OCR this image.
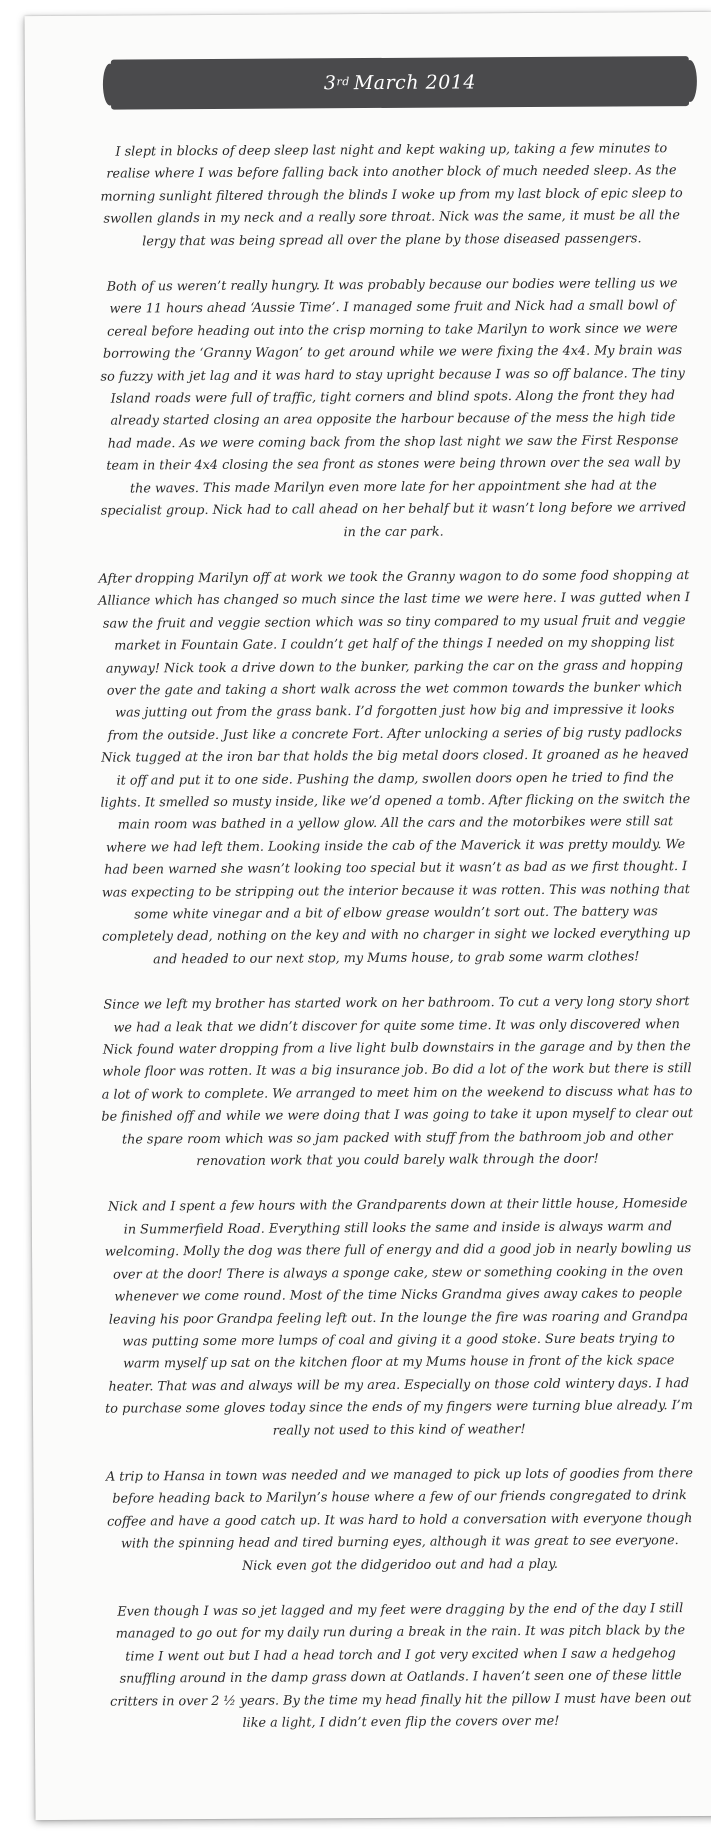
3rd March 2014

I slept in blocks of deep sleep last night and kept waking up, taking a few minutes to realise where I was before falling back into another block of much needed sleep. As the morning sunlight filtered through the blinds I woke up from my last block of epic sleep to swollen glands in my neck and a really sore throat. Nick was the same, it must be all the lergy that was being spread all over the plane by those diseased passengers.

Both of us weren’t really hungry. It was probably because our bodies were telling us we were 11 hours ahead ‘Aussie Time’. I managed some fruit and Nick had a small bowl of cereal before heading out into the crisp morning to take Marilyn to work since we were borrowing the ‘Granny Wagon’ to get around while we were fixing the 4x4. My brain was so fuzzy with jet lag and it was hard to stay upright because I was so off balance. The tiny Island roads were full of traffic, tight corners and blind spots. Along the front they had already started closing an area opposite the harbour because of the mess the high tide had made. As we were coming back from the shop last night we saw the First Response team in their 4x4 closing the sea front as stones were being thrown over the sea wall by the waves. This made Marilyn even more late for her appointment she had at the specialist group. Nick had to call ahead on her behalf but it wasn’t long before we arrived in the car park.

After dropping Marilyn off at work we took the Granny wagon to do some food shopping at Alliance which has changed so much since the last time we were here. I was gutted when I saw the fruit and veggie section which was so tiny compared to my usual fruit and veggie market in Fountain Gate. I couldn’t get half of the things I needed on my shopping list anyway! Nick took a drive down to the bunker, parking the car on the grass and hopping over the gate and taking a short walk across the wet common towards the bunker which was jutting out from the grass bank. I’d forgotten just how big and impressive it looks from the outside. Just like a concrete Fort. After unlocking a series of big rusty padlocks Nick tugged at the iron bar that holds the big metal doors closed. It groaned as he heaved it off and put it to one side. Pushing the damp, swollen doors open he tried to find the lights. It smelled so musty inside, like we’d opened a tomb. After flicking on the switch the main room was bathed in a yellow glow. All the cars and the motorbikes were still sat where we had left them. Looking inside the cab of the Maverick it was pretty mouldy. We had been warned she wasn’t looking too special but it wasn’t as bad as we first thought. I was expecting to be stripping out the interior because it was rotten. This was nothing that some white vinegar and a bit of elbow grease wouldn’t sort out. The battery was completely dead, nothing on the key and with no charger in sight we locked everything up and headed to our next stop, my Mums house, to grab some warm clothes!

Since we left my brother has started work on her bathroom. To cut a very long story short we had a leak that we didn’t discover for quite some time. It was only discovered when Nick found water dropping from a live light bulb downstairs in the garage and by then the whole floor was rotten. It was a big insurance job. Bo did a lot of the work but there is still a lot of work to complete. We arranged to meet him on the weekend to discuss what has to be finished off and while we were doing that I was going to take it upon myself to clear out the spare room which was so jam packed with stuff from the bathroom job and other renovation work that you could barely walk through the door!

Nick and I spent a few hours with the Grandparents down at their little house, Homeside in Summerfield Road. Everything still looks the same and inside is always warm and welcoming. Molly the dog was there full of energy and did a good job in nearly bowling us over at the door! There is always a sponge cake, stew or something cooking in the oven whenever we come round. Most of the time Nicks Grandma gives away cakes to people leaving his poor Grandpa feeling left out. In the lounge the fire was roaring and Grandpa was putting some more lumps of coal and giving it a good stoke. Sure beats trying to warm myself up sat on the kitchen floor at my Mums house in front of the kick space heater. That was and always will be my area. Especially on those cold wintery days. I had to purchase some gloves today since the ends of my fingers were turning blue already. I’m really not used to this kind of weather!

A trip to Hansa in town was needed and we managed to pick up lots of goodies from there before heading back to Marilyn’s house where a few of our friends congregated to drink coffee and have a good catch up. It was hard to hold a conversation with everyone though with the spinning head and tired burning eyes, although it was great to see everyone. Nick even got the didgeridoo out and had a play.

Even though I was so jet lagged and my feet were dragging by the end of the day I still managed to go out for my daily run during a break in the rain. It was pitch black by the time I went out but I had a head torch and I got very excited when I saw a hedgehog snuffling around in the damp grass down at Oatlands. I haven’t seen one of these little critters in over 2 ½ years. By the time my head finally hit the pillow I must have been out like a light, I didn’t even flip the covers over me!
